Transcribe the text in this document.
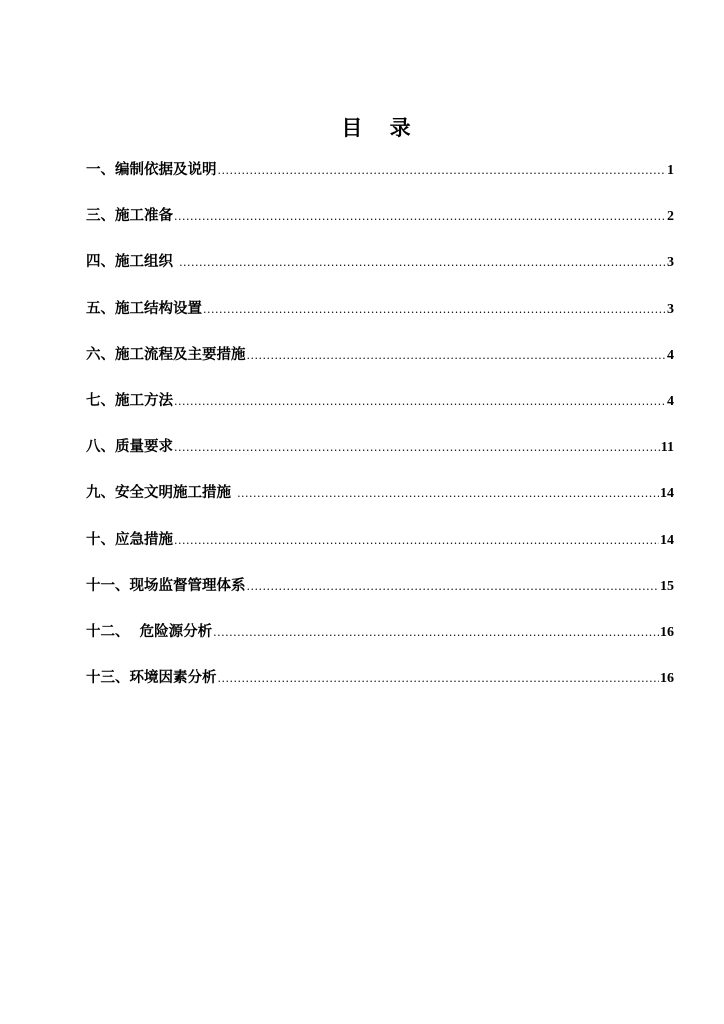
目 录
一、编制依据及说明 .....	1
三、施工准备 .....	2
四、施工组织 .....	3
五、施工结构设置 .....	3
六、施工流程及主要措施 .....	4
七、施工方法 .....	4
八、质量要求 .....	11
九、安全文明施工措施 .....	14
十、应急措施 .....	14
十一、现场监督管理体系 .....	15
十二、  危险源分析 .....	16
十三、环境因素分析 .....	16
